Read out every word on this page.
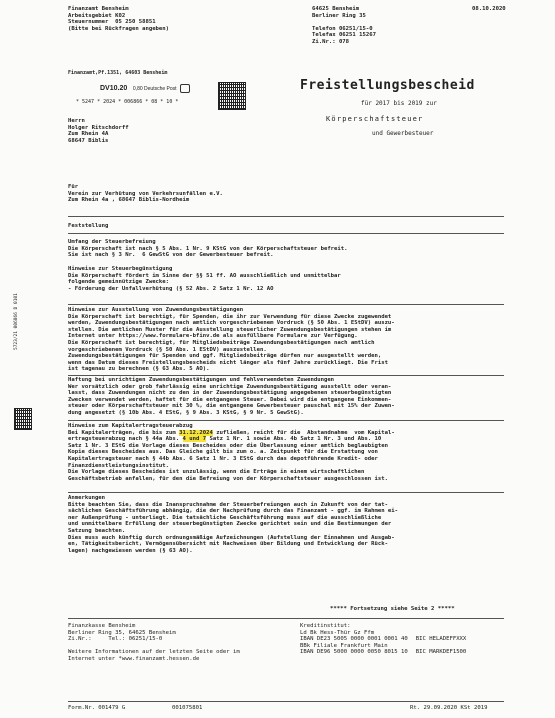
Finanzamt Bensheim
Arbeitsgebiet K02
Steuernummer  05 250 58851
(Bitte bei Rückfragen angeben)
64625 Bensheim
Berliner Ring 35

Telefon 06251/15-0
Telefax 06251 15267
Zi.Nr.: 078
08.10.2020
Finanzamt,Pf.1351, 64603 Bensheim
DV10.20 0,80 Deutsche Post
* 5247 * 2024 * 006866 * 08 * 10 *
Herrn
Holger Ritschdorff
Zum Rhein 4A
68647 Biblis
Freistellungsbescheid
für 2017 bis 2019 zur
Körperschaftsteuer
und Gewerbesteuer
5723/21 006866 D 0101
Für
Verein zur Verhütung von Verkehrsunfällen e.V.
Zum Rhein 4a , 68647 Biblis-Nordheim
Feststellung
Umfang der Steuerbefreiung
Die Körperschaft ist nach § 5 Abs. 1 Nr. 9 KStG von der Körperschaftsteuer befreit.
Sie ist nach § 3 Nr.  6 GewStG von der Gewerbesteuer befreit.
Hinweise zur Steuerbegünstigung
Die Körperschaft fördert im Sinne der §§ 51 ff. AO ausschließlich und unmittelbar
folgende gemeinnützige Zwecke:
- Förderung der Unfallverhütung (§ 52 Abs. 2 Satz 1 Nr. 12 AO
Hinweise zur Ausstellung von Zuwendungsbestätigungen
Die Körperschaft ist berechtigt, für Spenden, die ihr zur Verwendung für diese Zwecke zugewendet
werden, Zuwendungsbestätigungen nach amtlich vorgeschriebenem Vordruck (§ 50 Abs. 1 EStDV) auszu-
stellen. Die amtlichen Muster für die Ausstellung steuerlicher Zuwendungsbestätigungen stehen im
Internet unter https://www.formulare-bfinv.de als ausfüllbare Formulare zur Verfügung.
Die Körperschaft ist berechtigt, für Mitgliedsbeiträge Zuwendungsbestätigungen nach amtlich
vorgeschriebenem Vordruck (§ 50 Abs. 1 EStDV) auszustellen.
Zuwendungsbestätigungen für Spenden und ggf. Mitgliedsbeiträge dürfen nur ausgestellt werden,
wenn das Datum dieses Freistellungsbescheids nicht länger als fünf Jahre zurückliegt. Die Frist
ist tagenau zu berechnen (§ 63 Abs. 5 AO).
Haftung bei unrichtigen Zuwendungsbestätigungen und fehlverwendeten Zuwendungen
Wer vorsätzlich oder grob fahrlässig eine unrichtige Zuwendungsbestätigung ausstellt oder veran-
lasst, dass Zuwendungen nicht zu den in der Zuwendungsbestätigung angegebenen steuerbegünstigten
Zwecken verwendet werden, haftet für die entgangene Steuer. Dabei wird die entgangene Einkommen-
steuer oder Körperschaftsteuer mit 30 %, die entgangene Gewerbesteuer pauschal mit 15% der Zuwen-
dung angesetzt (§ 10b Abs. 4 EStG, § 9 Abs. 3 KStG, § 9 Nr. 5 GewStG).
Hinweise zum Kapitalertragsteuerabzug
Bei Kapitalerträgen, die bis zum 31.12.2024 zufließen, reicht für die  Abstandnahme  vom Kapital-
ertragsteuerabzug nach § 44a Abs. 4 und 7 Satz 1 Nr. 1 sowie Abs. 4b Satz 1 Nr. 3 und Abs. 10
Satz 1 Nr. 3 EStG die Vorlage dieses Bescheides oder die Überlassung einer amtlich beglaubigten
Kopie dieses Bescheides aus. Das Gleiche gilt bis zum o. a. Zeitpunkt für die Erstattung von
Kapitalertragsteuer nach § 44b Abs. 6 Satz 1 Nr. 3 EStG durch das depotführende Kredit- oder
Finanzdienstleistungsinstitut.
Die Vorlage dieses Bescheides ist unzulässig, wenn die Erträge in einem wirtschaftlichen
Geschäftsbetrieb anfallen, für den die Befreiung von der Körperschaftsteuer ausgeschlossen ist.
Anmerkungen
Bitte beachten Sie, dass die Inanspruchnahme der Steuerbefreiungen auch in Zukunft von der tat-
sächlichen Geschäftsführung abhängig, die der Nachprüfung durch das Finanzamt - ggf. im Rahmen ei-
ner Außenprüfung - unterliegt. Die tatsächliche Geschäftsführung muss auf die ausschließliche
und unmittelbare Erfüllung der steuerbegünstigten Zwecke gerichtet sein und die Bestimmungen der
Satzung beachten.
Dies muss auch künftig durch ordnungsmäßige Aufzeichnungen (Aufstellung der Einnahmen und Ausgab-
en, Tätigkeitsbericht, Vermögensübersicht mit Nachweisen über Bildung und Entwicklung der Rück-
lagen) nachgewiesen werden (§ 63 AO).
***** Fortsetzung siehe Seite 2 *****
Finanzkasse Bensheim
Berliner Ring 35, 64625 Bensheim
Zi.Nr.:     Tel.: 06251/15-0

Weitere Informationen auf der letzten Seite oder im
Internet unter *www.finanzamt.hessen.de
Kreditinstitut:
Ld Bk Hess-Thür Gz Ffm
IBAN DE23 5005 0000 0001 0001 40 BIC HELADEFFXXX
BBk Filiale Frankfurt Main
IBAN DE96 5000 0000 0050 8015 10 BIC MARKDEF1500
Form.Nr. 001479 G	001075801	Rt. 29.09.2020 KSt 2019
